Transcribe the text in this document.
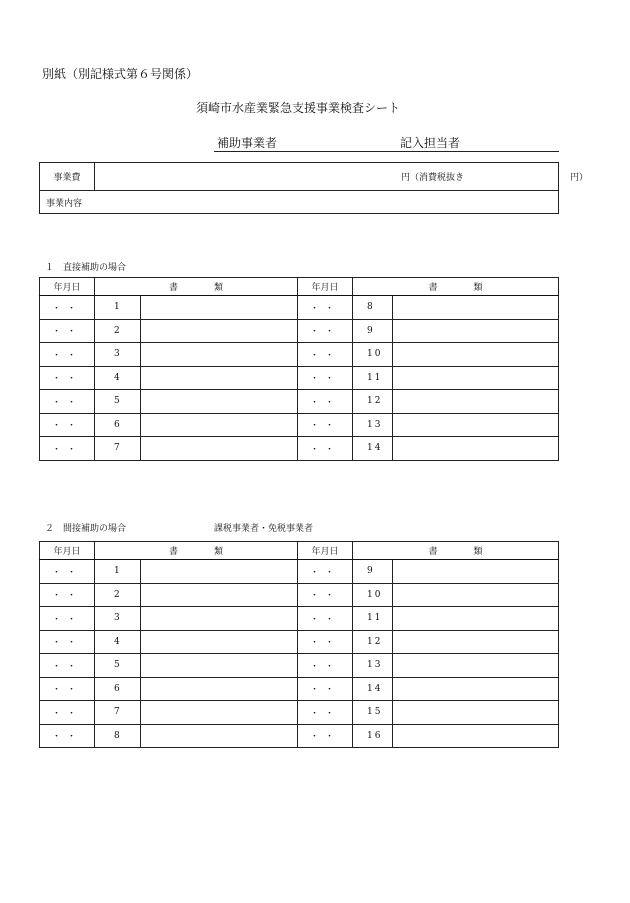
別紙（別記様式第６号関係）
須崎市水産業緊急支援事業検査シート
補助事業者	記入担当者
事業費	円（消費税抜き	円）
事業内容
１　直接補助の場合
年月日	書　　　　類		年月日	書　　　　類	
・・	1		・・	8	
・・	2		・・	9	
・・	3		・・	10	
・・	4		・・	11	
・・	5		・・	12	
・・	6		・・	13	
・・	7		・・	14	
２　間接補助の場合	課税事業者・免税事業者
年月日	書　　　　類		年月日	書　　　　類	
・・	1		・・	9	
・・	2		・・	10	
・・	3		・・	11	
・・	4		・・	12	
・・	5		・・	13	
・・	6		・・	14	
・・	7		・・	15	
・・	8		・・	16	
